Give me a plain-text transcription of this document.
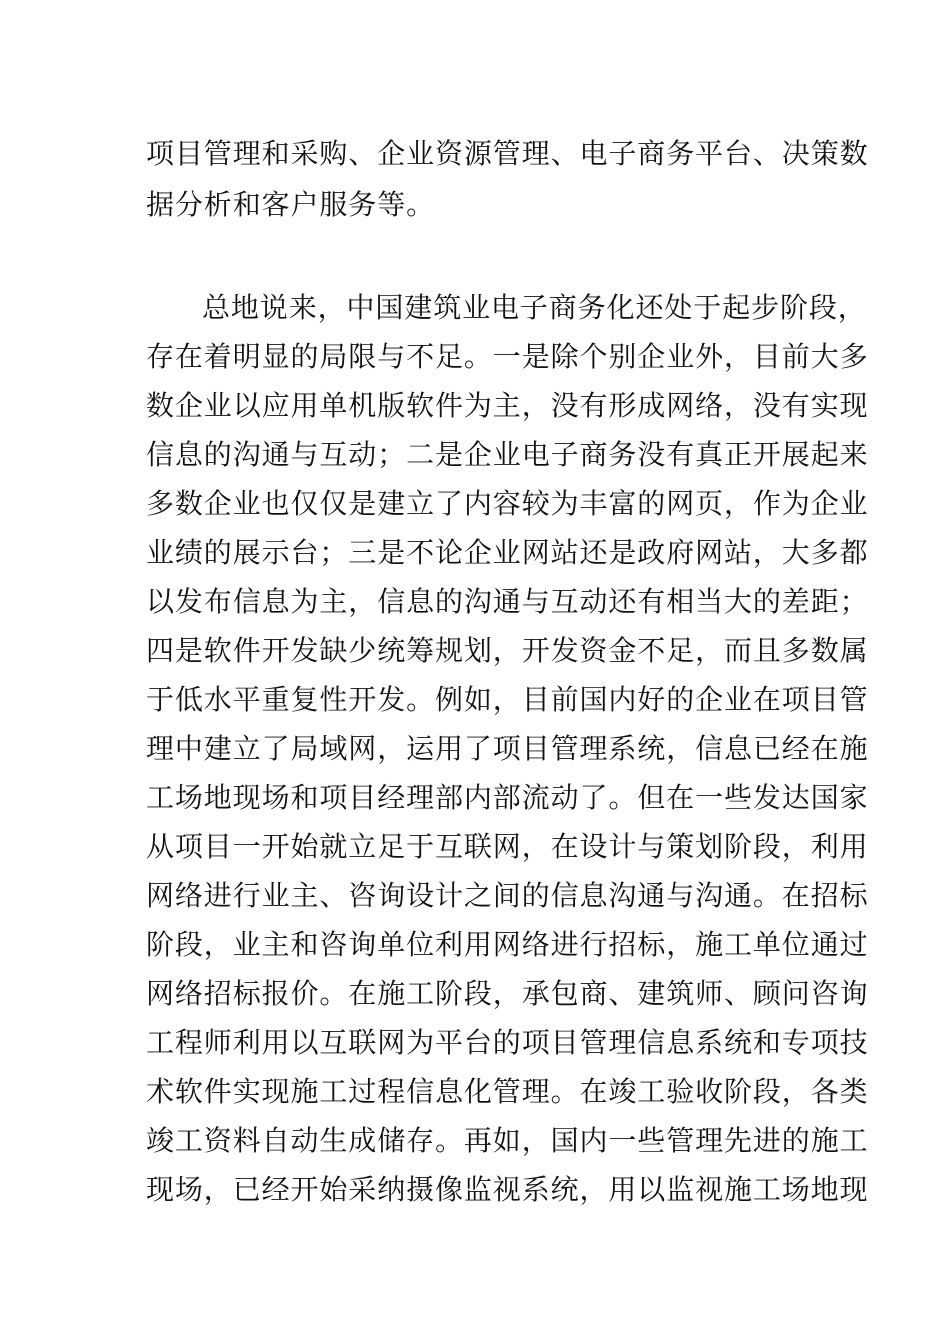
项目管理和采购、企业资源管理、电子商务平台、决策数

据分析和客户服务等。

总地说来，中国建筑业电子商务化还处于起步阶段，

存在着明显的局限与不足。一是除个别企业外，目前大多

数企业以应用单机版软件为主，没有形成网络，没有实现

信息的沟通与互动；二是企业电子商务没有真正开展起来

多数企业也仅仅是建立了内容较为丰富的网页，作为企业

业绩的展示台；三是不论企业网站还是政府网站，大多都

以发布信息为主，信息的沟通与互动还有相当大的差距；

四是软件开发缺少统筹规划，开发资金不足，而且多数属

于低水平重复性开发。例如，目前国内好的企业在项目管

理中建立了局域网，运用了项目管理系统，信息已经在施

工场地现场和项目经理部内部流动了。但在一些发达国家

从项目一开始就立足于互联网，在设计与策划阶段，利用

网络进行业主、咨询设计之间的信息沟通与沟通。在招标

阶段，业主和咨询单位利用网络进行招标，施工单位通过

网络招标报价。在施工阶段，承包商、建筑师、顾问咨询

工程师利用以互联网为平台的项目管理信息系统和专项技

术软件实现施工过程信息化管理。在竣工验收阶段，各类

竣工资料自动生成储存。再如，国内一些管理先进的施工

现场，已经开始采纳摄像监视系统，用以监视施工场地现
